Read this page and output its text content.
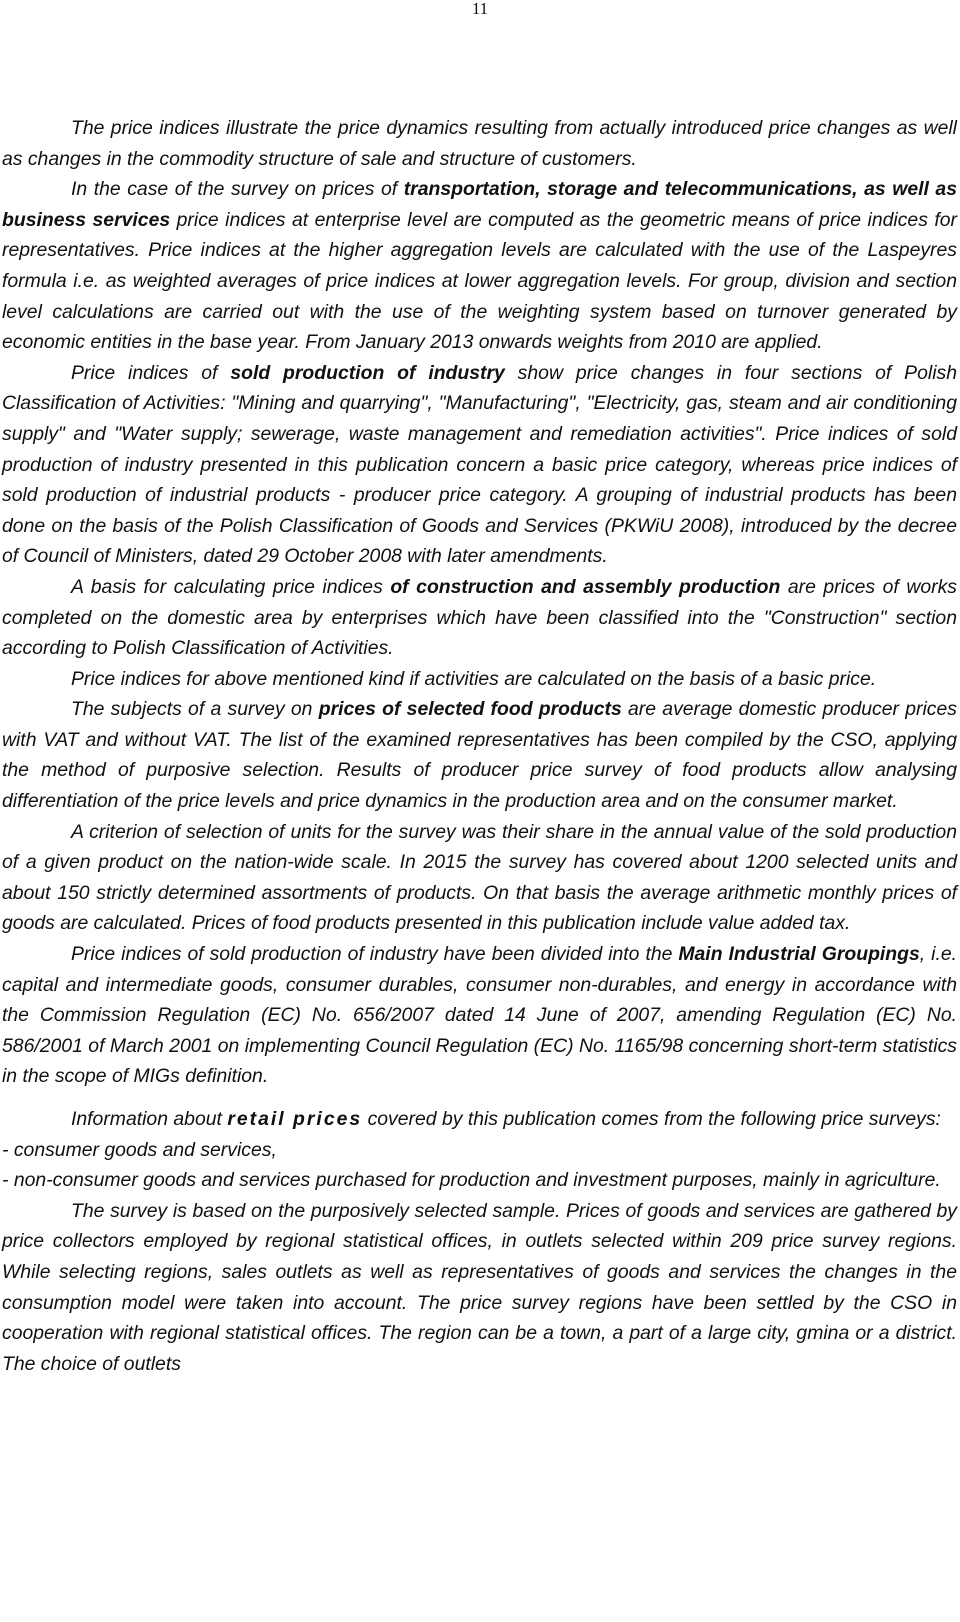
11

The price indices illustrate the price dynamics resulting from actually introduced price changes as well as changes in the commodity structure of sale and structure of customers.

In the case of the survey on prices of transportation, storage and telecommunications, as well as business services price indices at enterprise level are computed as the geometric means of price indices for representatives. Price indices at the higher aggregation levels are calculated with the use of the Laspeyres formula i.e. as weighted averages of price indices at lower aggregation levels. For group, division and section level calculations are carried out with the use of the weighting system based on turnover generated by economic entities in the base year. From January 2013 onwards weights from 2010 are applied.

Price indices of sold production of industry show price changes in four sections of Polish Classification of Activities: "Mining and quarrying", "Manufacturing", "Electricity, gas, steam and air conditioning supply" and "Water supply; sewerage, waste management and remediation activities". Price indices of sold production of industry presented in this publication concern a basic price category, whereas price indices of sold production of industrial products - producer price category. A grouping of industrial products has been done on the basis of the Polish Classification of Goods and Services (PKWiU 2008), introduced by the decree of Council of Ministers, dated 29 October 2008 with later amendments.

A basis for calculating price indices of construction and assembly production are prices of works completed on the domestic area by enterprises which have been classified into the "Construction" section according to Polish Classification of Activities.

Price indices for above mentioned kind if activities are calculated on the basis of a basic price.

The subjects of a survey on prices of selected food products are average domestic producer prices with VAT and without VAT. The list of the examined representatives has been compiled by the CSO, applying the method of purposive selection. Results of producer price survey of food products allow analysing differentiation of the price levels and price dynamics in the production area and on the consumer market.

A criterion of selection of units for the survey was their share in the annual value of the sold production of a given product on the nation-wide scale. In 2015 the survey has covered about 1200 selected units and about 150 strictly determined assortments of products. On that basis the average arithmetic monthly prices of goods are calculated. Prices of food products presented in this publication include value added tax.

Price indices of sold production of industry have been divided into the Main Industrial Groupings, i.e. capital and intermediate goods, consumer durables, consumer non-durables, and energy in accordance with the Commission Regulation (EC) No. 656/2007 dated 14 June of 2007, amending Regulation (EC) No. 586/2001 of March 2001 on implementing Council Regulation (EC) No. 1165/98 concerning short-term statistics in the scope of MIGs definition.

Information about retail prices covered by this publication comes from the following price surveys:

- consumer goods and services,
- non-consumer goods and services purchased for production and investment purposes, mainly in agriculture.

The survey is based on the purposively selected sample. Prices of goods and services are gathered by price collectors employed by regional statistical offices, in outlets selected within 209 price survey regions. While selecting regions, sales outlets as well as representatives of goods and services the changes in the consumption model were taken into account. The price survey regions have been settled by the CSO in cooperation with regional statistical offices. The region can be a town, a part of a large city, gmina or a district. The choice of outlets
